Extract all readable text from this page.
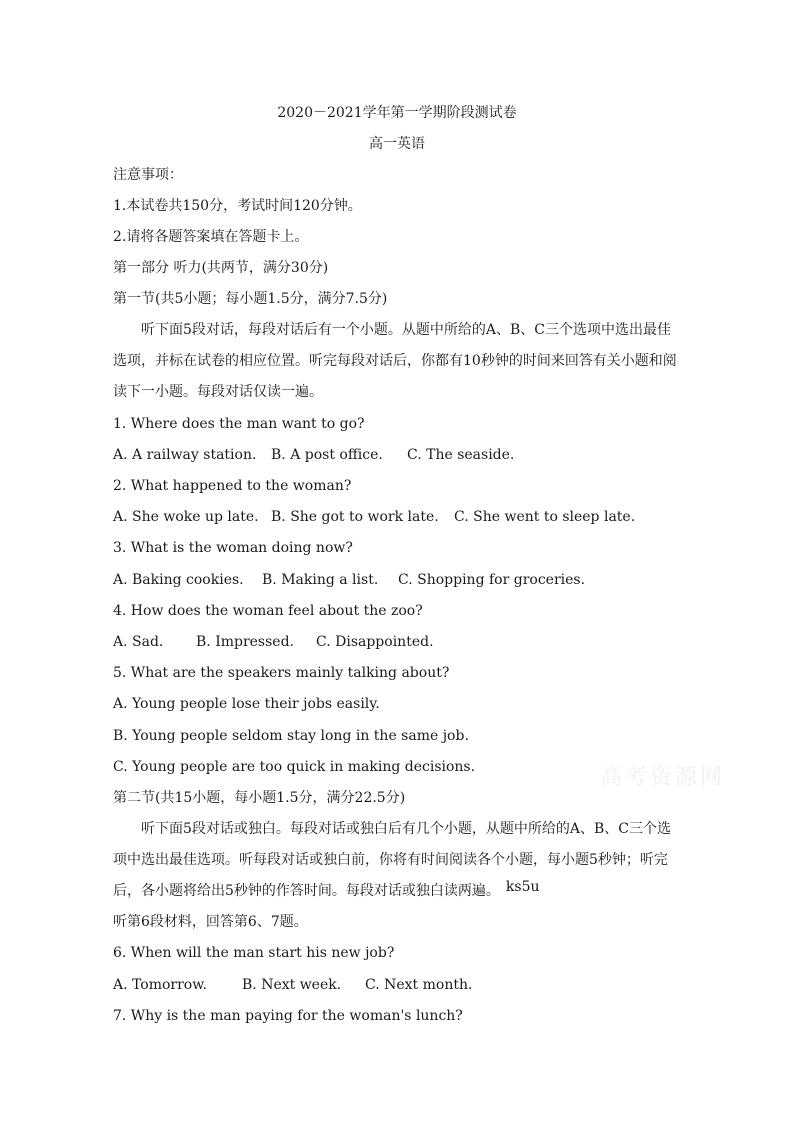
2020－2021学年第一学期阶段测试卷
高一英语
注意事项：
1.本试卷共150分，考试时间120分钟。
2.请将各题答案填在答题卡上。
第一部分 听力(共两节，满分30分)
第一节(共5小题；每小题1.5分，满分7.5分)
听下面5段对话，每段对话后有一个小题。从题中所给的A、B、C三个选项中选出最佳
选项，并标在试卷的相应位置。听完每段对话后，你都有10秒钟的时间来回答有关小题和阅
读下一小题。每段对话仅读一遍。
1. Where does the man want to go?
A. A railway station. B. A post office. C. The seaside.
2. What happened to the woman?
A. She woke up late. B. She got to work late. C. She went to sleep late.
3. What is the woman doing now?
A. Baking cookies. B. Making a list. C. Shopping for groceries.
4. How does the woman feel about the zoo?
A. Sad. B. Impressed. C. Disappointed.
5. What are the speakers mainly talking about?
A. Young people lose their jobs easily.
B. Young people seldom stay long in the same job.
C. Young people are too quick in making decisions.
第二节(共15小题，每小题1.5分，满分22.5分)
听下面5段对话或独白。每段对话或独白后有几个小题，从题中所给的A、B、C三个选
项中选出最佳选项。听每段对话或独白前，你将有时间阅读各个小题，每小题5秒钟；听完
后，各小题将给出5秒钟的作答时间。每段对话或独白读两遍。 ks5u
听第6段材料，回答第6、7题。
6. When will the man start his new job?
A. Tomorrow.	B. Next week. C. Next month.
7. Why is the man paying for the woman's lunch?
高考资源网
